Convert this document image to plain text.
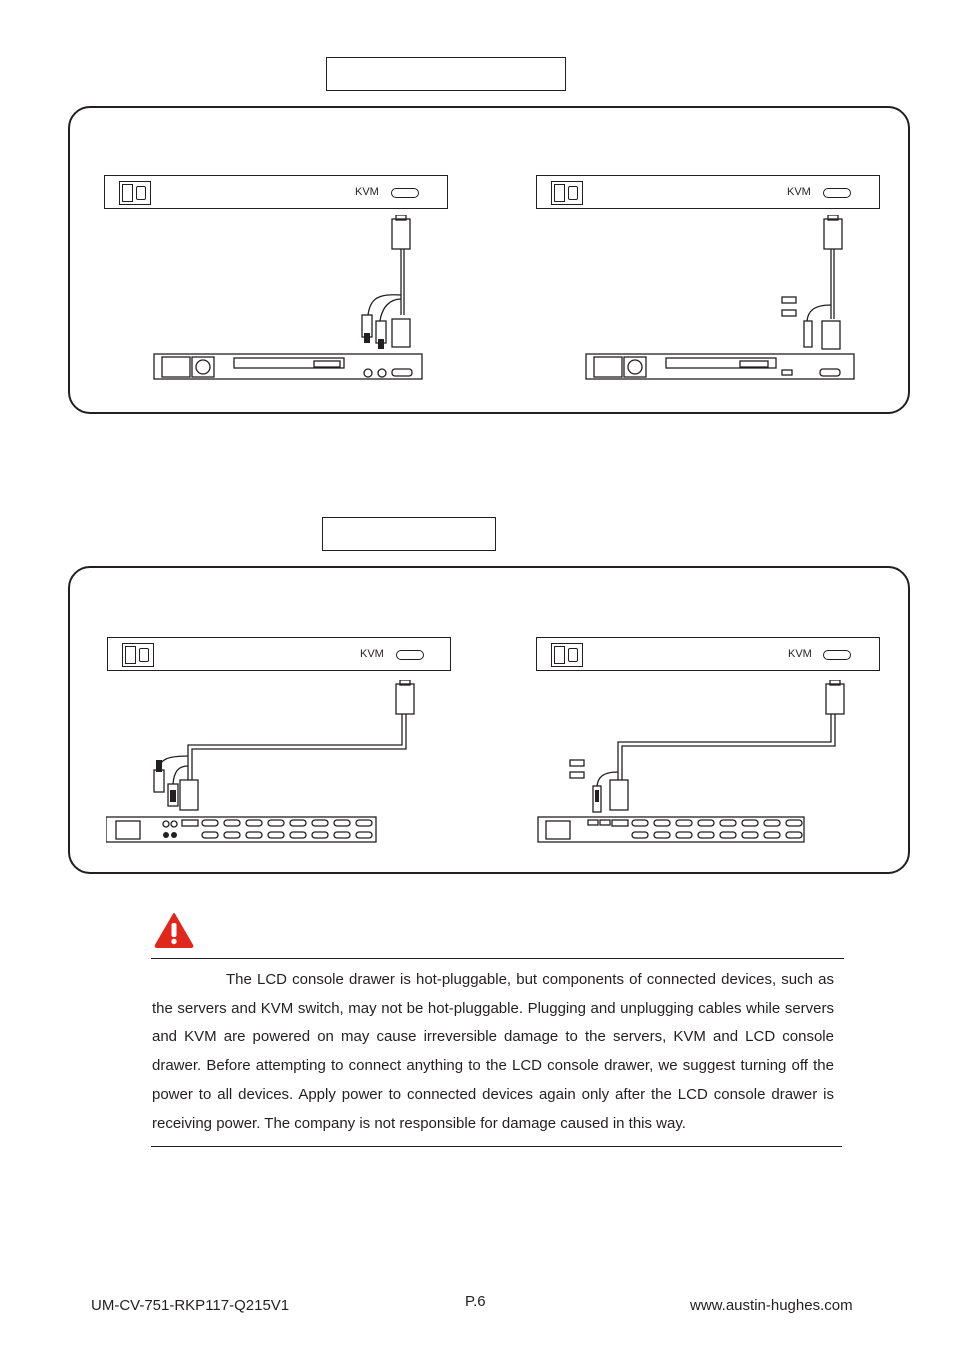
KVM	KVM
KVM	KVM
The LCD console drawer is hot-pluggable, but components of connected devices, such as the servers and KVM switch, may not be hot-pluggable. Plugging and unplugging cables while servers and KVM are powered on may cause irreversible damage to the servers, KVM and LCD console drawer. Before attempting to connect anything to the LCD console drawer, we suggest turning off the power to all devices. Apply power to connected devices again only after the LCD console drawer is receiving power. The company is not responsible for damage caused in this way.
UM-CV-751-RKP117-Q215V1	P.6	www.austin-hughes.com
